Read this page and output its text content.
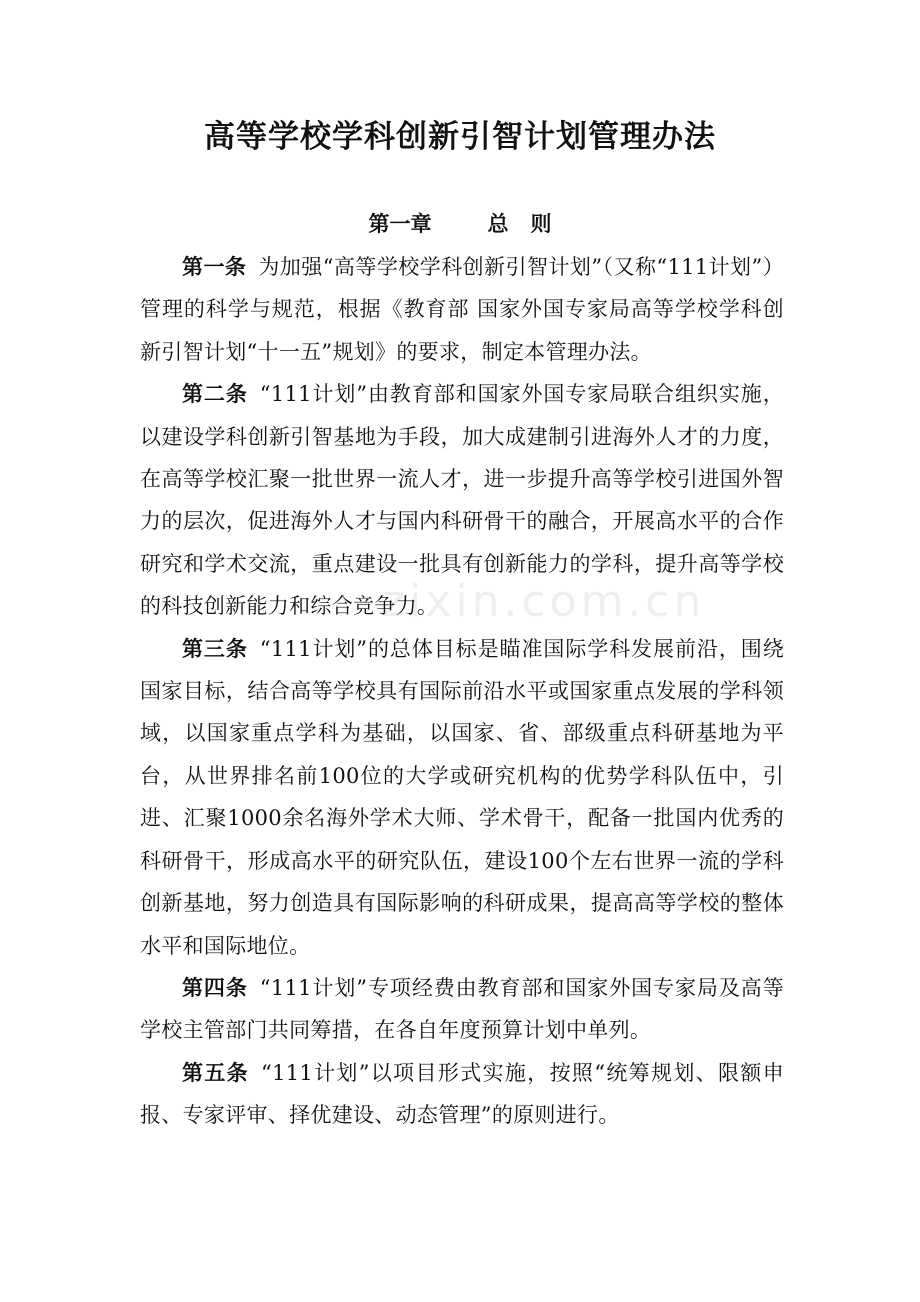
高等学校学科创新引智计划管理办法
第一章	总则

第一条 为加强“高等学校学科创新引智计划”（又称“111计划”）管理的科学与规范，根据《教育部 国家外国专家局高等学校学科创新引智计划“十一五”规划》的要求，制定本管理办法。

第二条 “111计划”由教育部和国家外国专家局联合组织实施，以建设学科创新引智基地为手段，加大成建制引进海外人才的力度，在高等学校汇聚一批世界一流人才，进一步提升高等学校引进国外智力的层次，促进海外人才与国内科研骨干的融合，开展高水平的合作研究和学术交流，重点建设一批具有创新能力的学科，提升高等学校的科技创新能力和综合竞争力。

第三条 “111计划”的总体目标是瞄准国际学科发展前沿，围绕国家目标，结合高等学校具有国际前沿水平或国家重点发展的学科领域，以国家重点学科为基础，以国家、省、部级重点科研基地为平台，从世界排名前100位的大学或研究机构的优势学科队伍中，引进、汇聚1000余名海外学术大师、学术骨干，配备一批国内优秀的科研骨干，形成高水平的研究队伍，建设100个左右世界一流的学科创新基地，努力创造具有国际影响的科研成果，提高高等学校的整体水平和国际地位。

第四条 “111计划”专项经费由教育部和国家外国专家局及高等学校主管部门共同筹措，在各自年度预算计划中单列。

第五条 “111计划”以项目形式实施，按照“统筹规划、限额申报、专家评审、择优建设、动态管理”的原则进行。

zixin.com.cn
